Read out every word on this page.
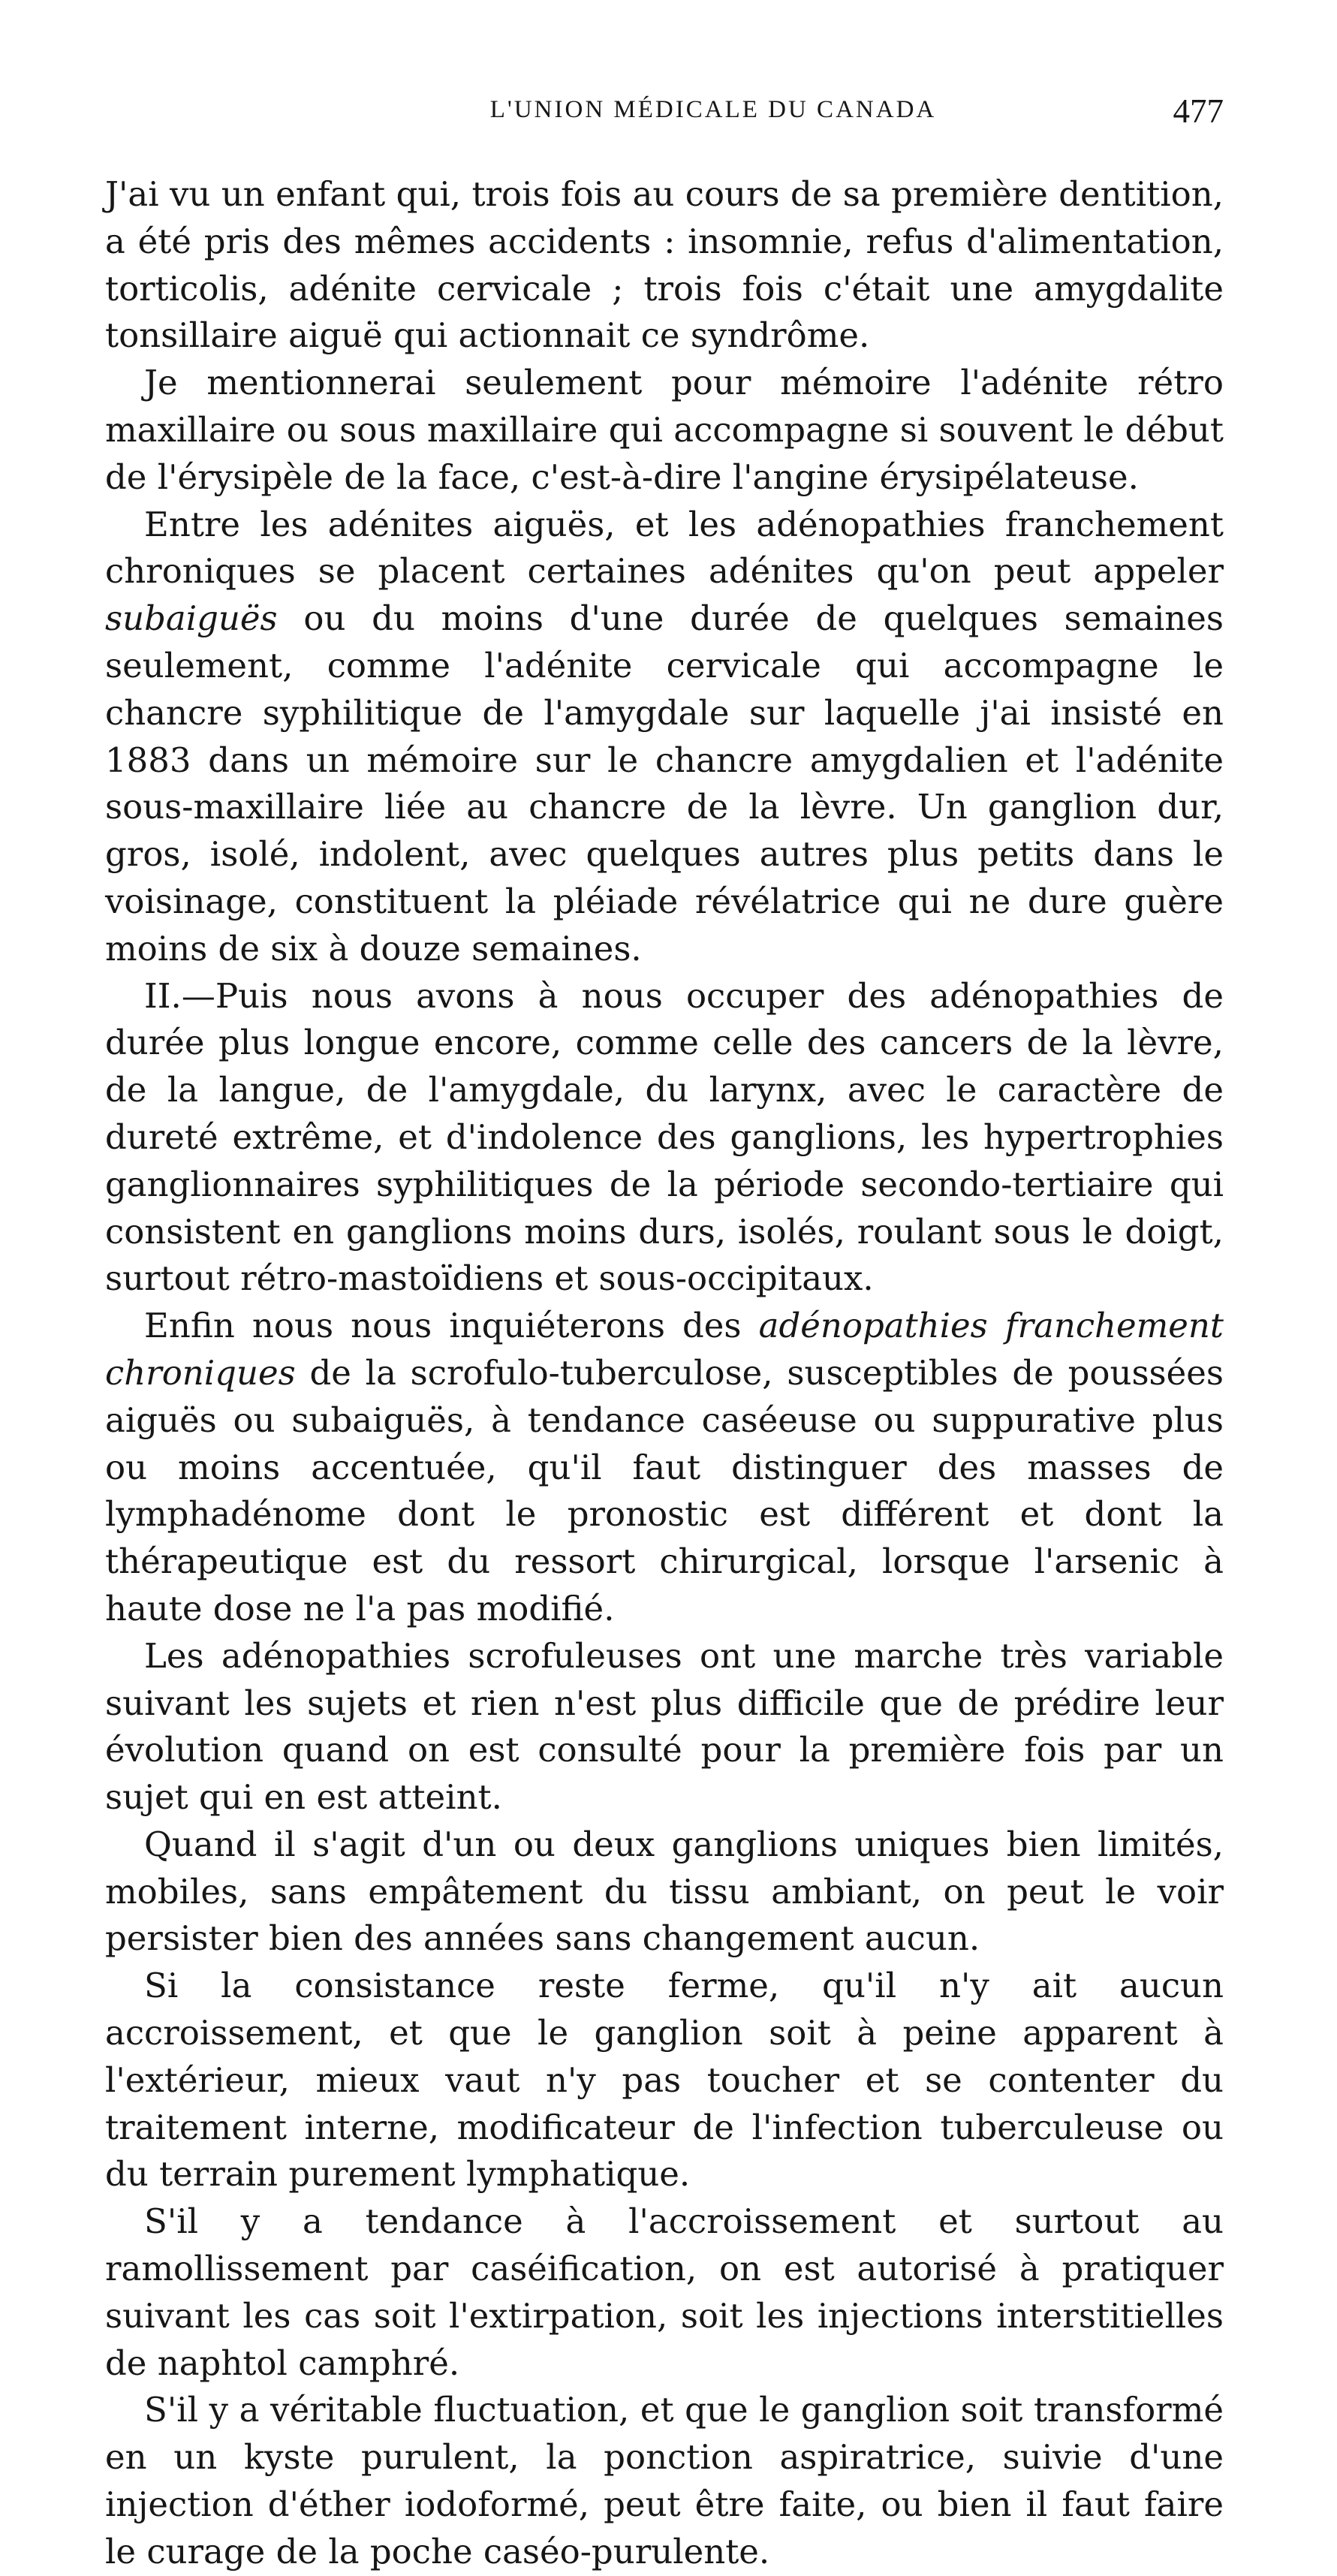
L'UNION MÉDICALE DU CANADA	477

J'ai vu un enfant qui, trois fois au cours de sa première dentition, a été pris des mêmes accidents : insomnie, refus d'alimentation, torticolis, adénite cervicale ; trois fois c'était une amygdalite tonsillaire aiguë qui actionnait ce syndrôme.

Je mentionnerai seulement pour mémoire l'adénite rétro maxillaire ou sous maxillaire qui accompagne si souvent le début de l'érysipèle de la face, c'est-à-dire l'angine érysipélateuse.

Entre les adénites aiguës, et les adénopathies franchement chroniques se placent certaines adénites qu'on peut appeler subaiguës ou du moins d'une durée de quelques semaines seulement, comme l'adénite cervicale qui accompagne le chancre syphilitique de l'amygdale sur laquelle j'ai insisté en 1883 dans un mémoire sur le chancre amygdalien et l'adénite sous-maxillaire liée au chancre de la lèvre. Un ganglion dur, gros, isolé, indolent, avec quelques autres plus petits dans le voisinage, constituent la pléiade révélatrice qui ne dure guère moins de six à douze semaines.

II.—Puis nous avons à nous occuper des adénopathies de durée plus longue encore, comme celle des cancers de la lèvre, de la langue, de l'amygdale, du larynx, avec le caractère de dureté extrême, et d'indolence des ganglions, les hypertrophies ganglionnaires syphilitiques de la période secondo-tertiaire qui consistent en ganglions moins durs, isolés, roulant sous le doigt, surtout rétro-mastoïdiens et sous-occipitaux.

Enfin nous nous inquiéterons des adénopathies franchement chroniques de la scrofulo-tuberculose, susceptibles de poussées aiguës ou subaiguës, à tendance caséeuse ou suppurative plus ou moins accentuée, qu'il faut distinguer des masses de lymphadénome dont le pronostic est différent et dont la thérapeutique est du ressort chirurgical, lorsque l'arsenic à haute dose ne l'a pas modifié.

Les adénopathies scrofuleuses ont une marche très variable suivant les sujets et rien n'est plus difficile que de prédire leur évolution quand on est consulté pour la première fois par un sujet qui en est atteint.

Quand il s'agit d'un ou deux ganglions uniques bien limités, mobiles, sans empâtement du tissu ambiant, on peut le voir persister bien des années sans changement aucun.

Si la consistance reste ferme, qu'il n'y ait aucun accroissement, et que le ganglion soit à peine apparent à l'extérieur, mieux vaut n'y pas toucher et se contenter du traitement interne, modificateur de l'infection tuberculeuse ou du terrain purement lymphatique.

S'il y a tendance à l'accroissement et surtout au ramollissement par caséification, on est autorisé à pratiquer suivant les cas soit l'extirpation, soit les injections interstitielles de naphtol camphré.

S'il y a véritable fluctuation, et que le ganglion soit transformé en un kyste purulent, la ponction aspiratrice, suivie d'une injection d'éther iodoformé, peut être faite, ou bien il faut faire le curage de la poche caséo-purulente.
